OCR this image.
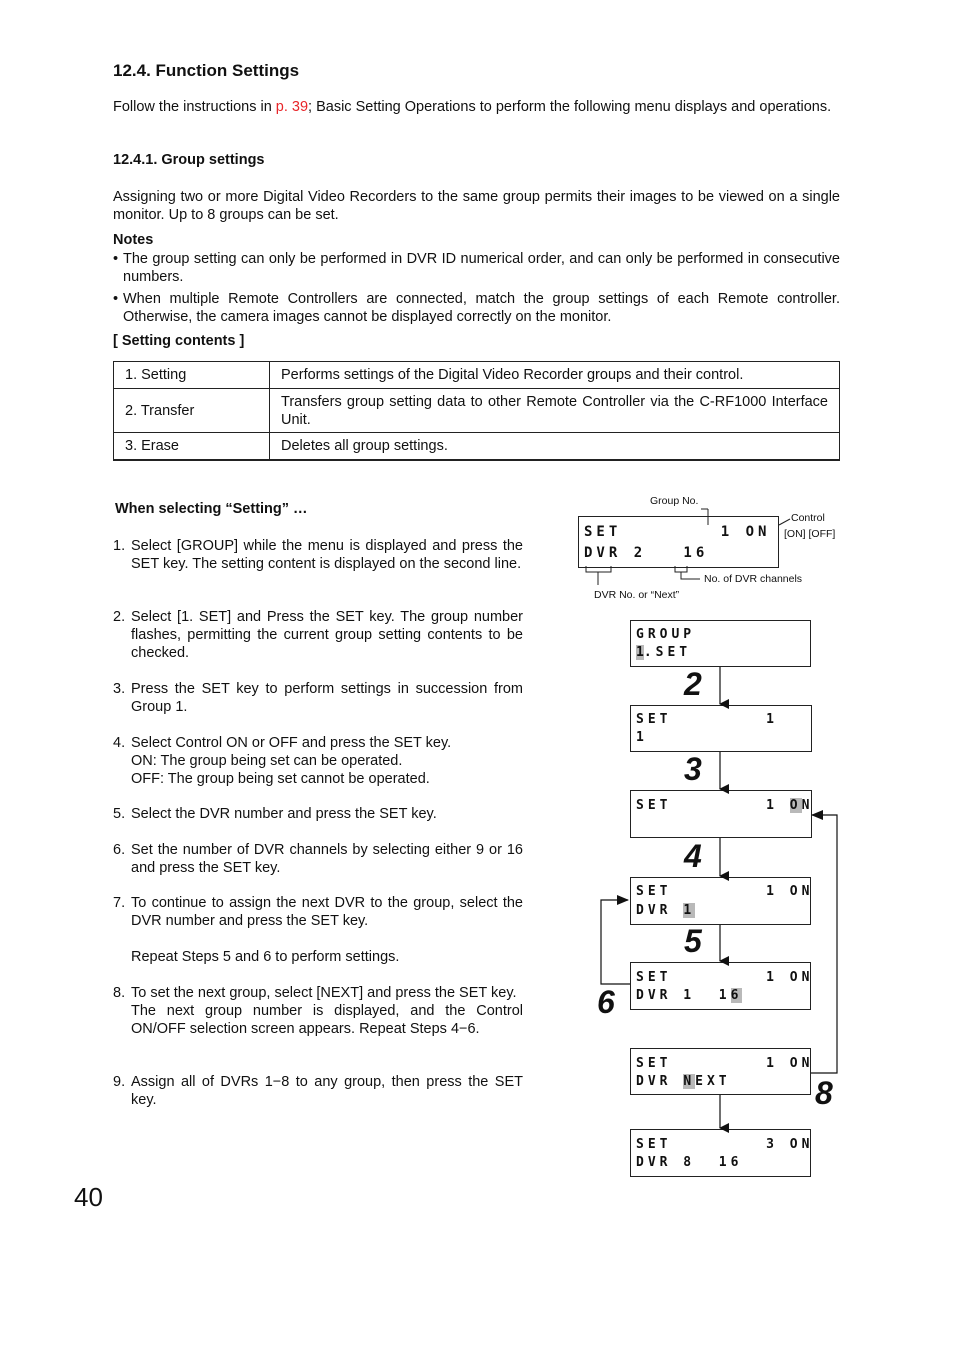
12.4. Function Settings
Follow the instructions in p. 39; Basic Setting Operations to perform the following menu displays and operations.
12.4.1. Group settings
Assigning two or more Digital Video Recorders to the same group permits their images to be viewed on a single monitor. Up to 8 groups can be set.
Notes
• The group setting can only be performed in DVR ID numerical order, and can only be performed in consecutive numbers.
• When multiple Remote Controllers are connected, match the group settings of each Remote controller. Otherwise, the camera images cannot be displayed correctly on the monitor.
[ Setting contents ]
1. Setting	Performs settings of the Digital Video Recorder groups and their control.
2. Transfer	Transfers group setting data to other Remote Controller via the C-RF1000 Interface Unit.
3. Erase	Deletes all group settings.
When selecting “Setting” …
1. Select [GROUP] while the menu is displayed and press the SET key. The setting content is displayed on the second line.
2. Select [1. SET] and Press the SET key. The group number flashes, permitting the current group setting contents to be checked.
3. Press the SET key to perform settings in succession from Group 1.
4. Select Control ON or OFF and press the SET key.
ON: The group being set can be operated.
OFF: The group being set cannot be operated.
5. Select the DVR number and press the SET key.
6. Set the number of DVR channels by selecting either 9 or 16 and press the SET key.
7. To continue to assign the next DVR to the group, select the DVR number and press the SET key.
Repeat Steps 5 and 6 to perform settings.
8. To set the next group, select [NEXT] and press the SET key.
The next group number is displayed, and the Control ON/OFF selection screen appears. Repeat Steps 4−6.
9. Assign all of DVRs 1−8 to any group, then press the SET key.
Group No.
Control
[ON] [OFF]
No. of DVR channels
DVR No. or “Next”

SET        1 ON

DVR 2   16

GROUP

1.SET

SET        1

1

SET        1 ON

SET        1 ON

DVR 1

SET        1 ON

DVR 1  16

SET        1 ON

DVR NEXT

SET        3 ON

DVR 8  16

2
3
4
5
6
8
40
